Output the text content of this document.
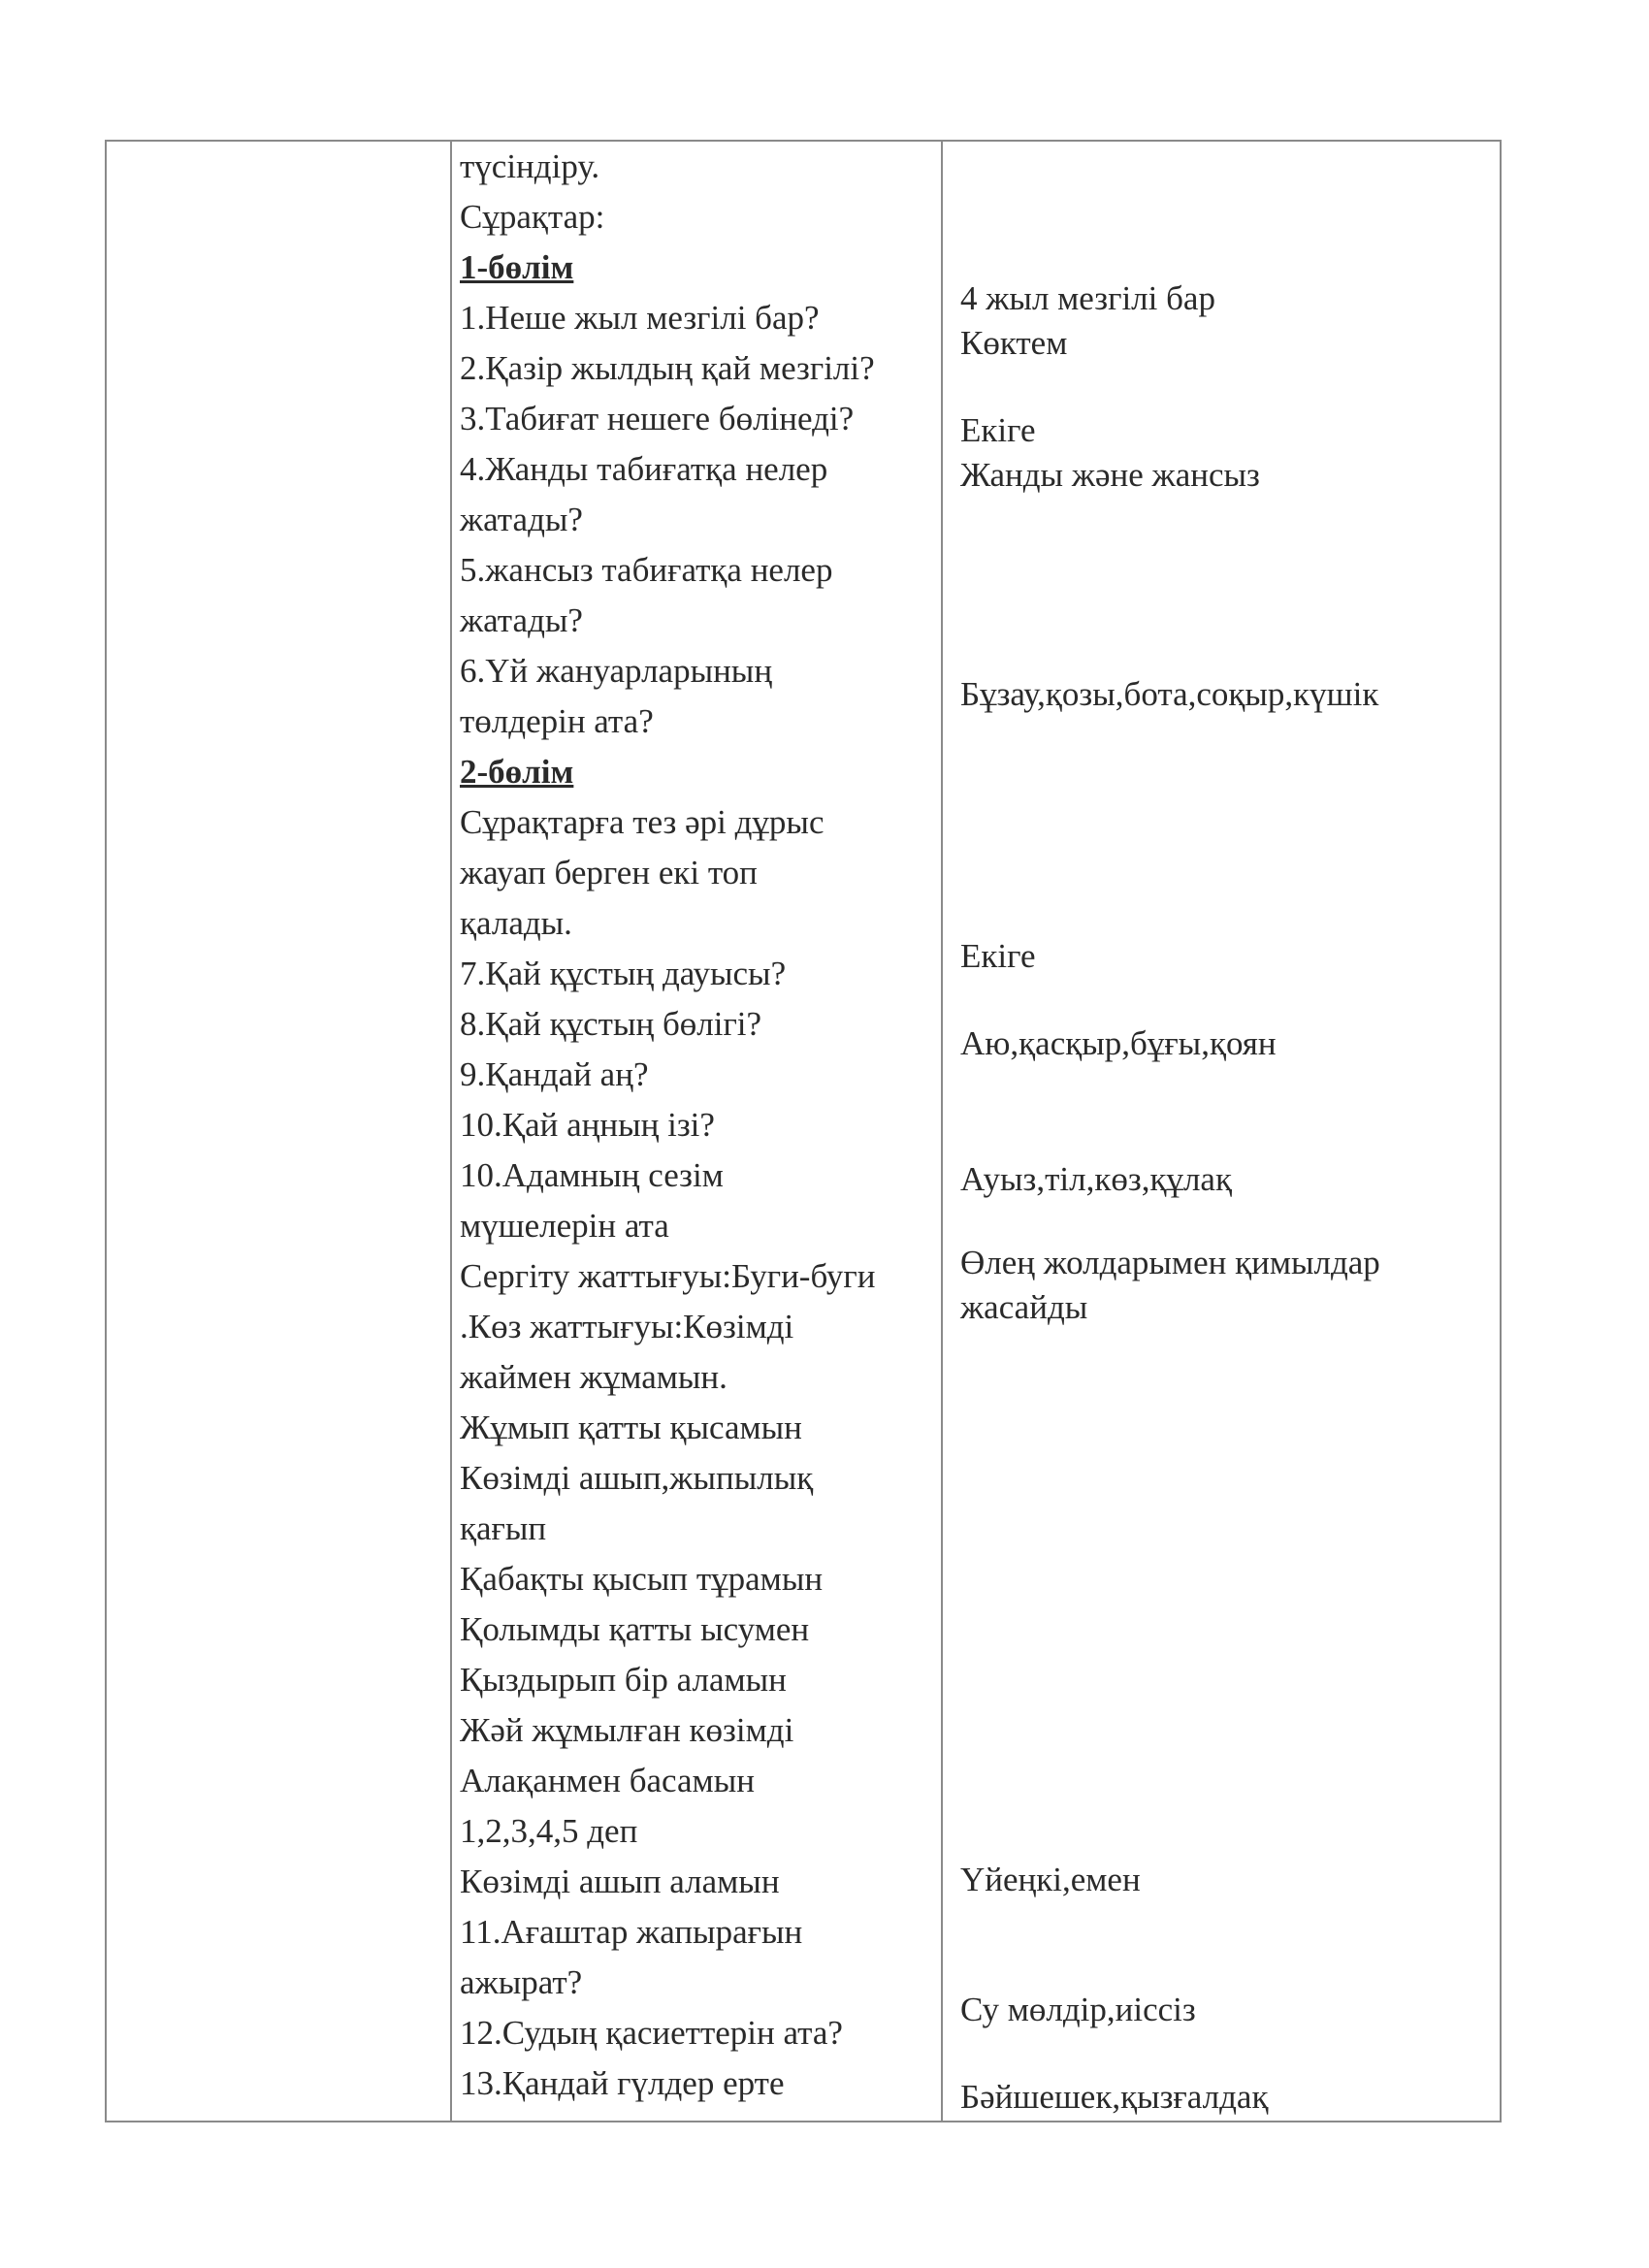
түсіндіру.
Сұрақтар:
1-бөлім
1.Неше жыл мезгілі бар?
2.Қазір жылдың қай мезгілі?
3.Табиғат нешеге бөлінеді?
4.Жанды табиғатқа нелер
жатады?
5.жансыз табиғатқа нелер
жатады?
6.Үй жануарларының
төлдерін ата?
2-бөлім
Сұрақтарға тез әрі дұрыс
жауап берген екі топ
қалады.
7.Қай құстың дауысы?
8.Қай құстың бөлігі?
9.Қандай аң?
10.Қай аңның ізі?
10.Адамның сезім
мүшелерін ата
Сергіту жаттығуы:Буги-буги
.Көз жаттығуы:Көзімді
жаймен жұмамын.
Жұмып қатты қысамын
Көзімді ашып,жыпылық
қағып
Қабақты қысып тұрамын
Қолымды қатты ысумен
Қыздырып бір аламын
Жәй жұмылған көзімді
Алақанмен басамын
1,2,3,4,5 деп
Көзімді ашып аламын
11.Ағаштар жапырағын
ажырат?
12.Судың қасиеттерін ата?
13.Қандай гүлдер ерте
4 жыл мезгілі бар
Көктем
Екіге
Жанды және жансыз
Бұзау,қозы,бота,соқыр,күшік
Екіге
Аю,қасқыр,бұғы,қоян
Ауыз,тіл,көз,құлақ
Өлең жолдарымен қимылдар
жасайды
Үйеңкі,емен
Су мөлдір,иіссіз
Бәйшешек,қызғалдақ
